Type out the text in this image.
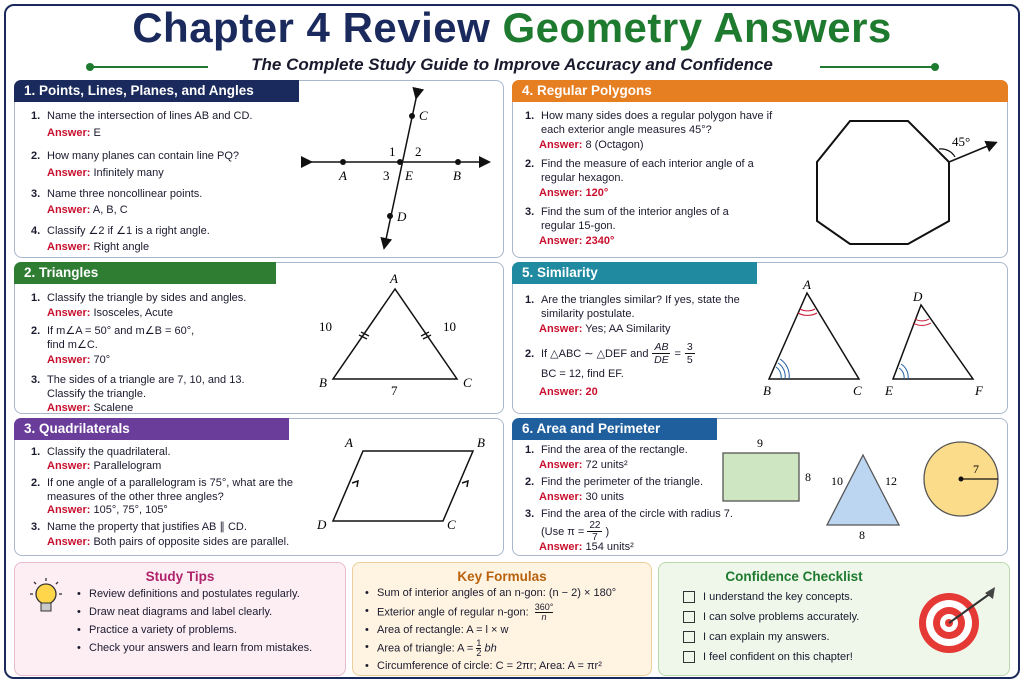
Chapter 4 Review Geometry Answers
The Complete Study Guide to Improve Accuracy and Confidence
1. Points, Lines, Planes, and Angles
1. Name the intersection of lines AB and CD.
Answer: E
2. How many planes can contain line PQ?
Answer: Infinitely many
3. Name three noncollinear points.
Answer: A, B, C
4. Classify ∠2 if ∠1 is a right angle.
Answer: Right angle
C
1 2
A	3 E	B
D
2. Triangles
1. Classify the triangle by sides and angles.
Answer: Isosceles, Acute
2. If m∠A = 50° and m∠B = 60°,
find m∠C.
Answer: 70°
3. The sides of a triangle are 7, 10, and 13.
Classify the triangle.
Answer: Scalene
A
10	10
B
7
C
3. Quadrilaterals
1. Classify the quadrilateral.
Answer: Parallelogram
2. If one angle of a parallelogram is 75°, what are the
measures of the other three angles?
Answer: 105°, 75°, 105°
3. Name the property that justifies AB ∥ CD.
Answer: Both pairs of opposite sides are parallel.
A	B
D	C
4. Regular Polygons
1. How many sides does a regular polygon have if
each exterior angle measures 45°?
Answer: 8 (Octagon)
2. Find the measure of each interior angle of a
regular hexagon.
Answer: 120°
3. Find the sum of the interior angles of a
regular 15-gon.
Answer: 2340°
45°
5. Similarity
1. Are the triangles similar? If yes, state the
similarity postulate.
Answer: Yes; AA Similarity
2. If △ABC ∼ △DEF and $\frac{AB}{DE} = \frac{3}{5}$
BC = 12, find EF.
Answer: 20
A
B	C
D
E	F
6. Area and Perimeter
1. Find the area of the rectangle.
Answer: 72 units²
2. Find the perimeter of the triangle.
Answer: 30 units
3. Find the area of the circle with radius 7.
(Use $\pi = \frac{22}{7}$ )
Answer: 154 units²
9
8 10	12
8
7
Study Tips
• Review definitions and postulates regularly.
• Draw neat diagrams and label clearly.
• Practice a variety of problems.
• Check your answers and learn from mistakes.
Key Formulas
• Sum of interior angles of an n-gon: (n − 2) × 180°
• Exterior angle of regular n-gon: $\frac{360^\circ}{n}$
• Area of rectangle: A = l × w
• Area of triangle: $A = \frac{1}{2}$ bh
• Circumference of circle: C = 2πr; Area: A = πr²
Confidence Checklist
I understand the key concepts.
I can solve problems accurately.
I can explain my answers.
I feel confident on this chapter!
